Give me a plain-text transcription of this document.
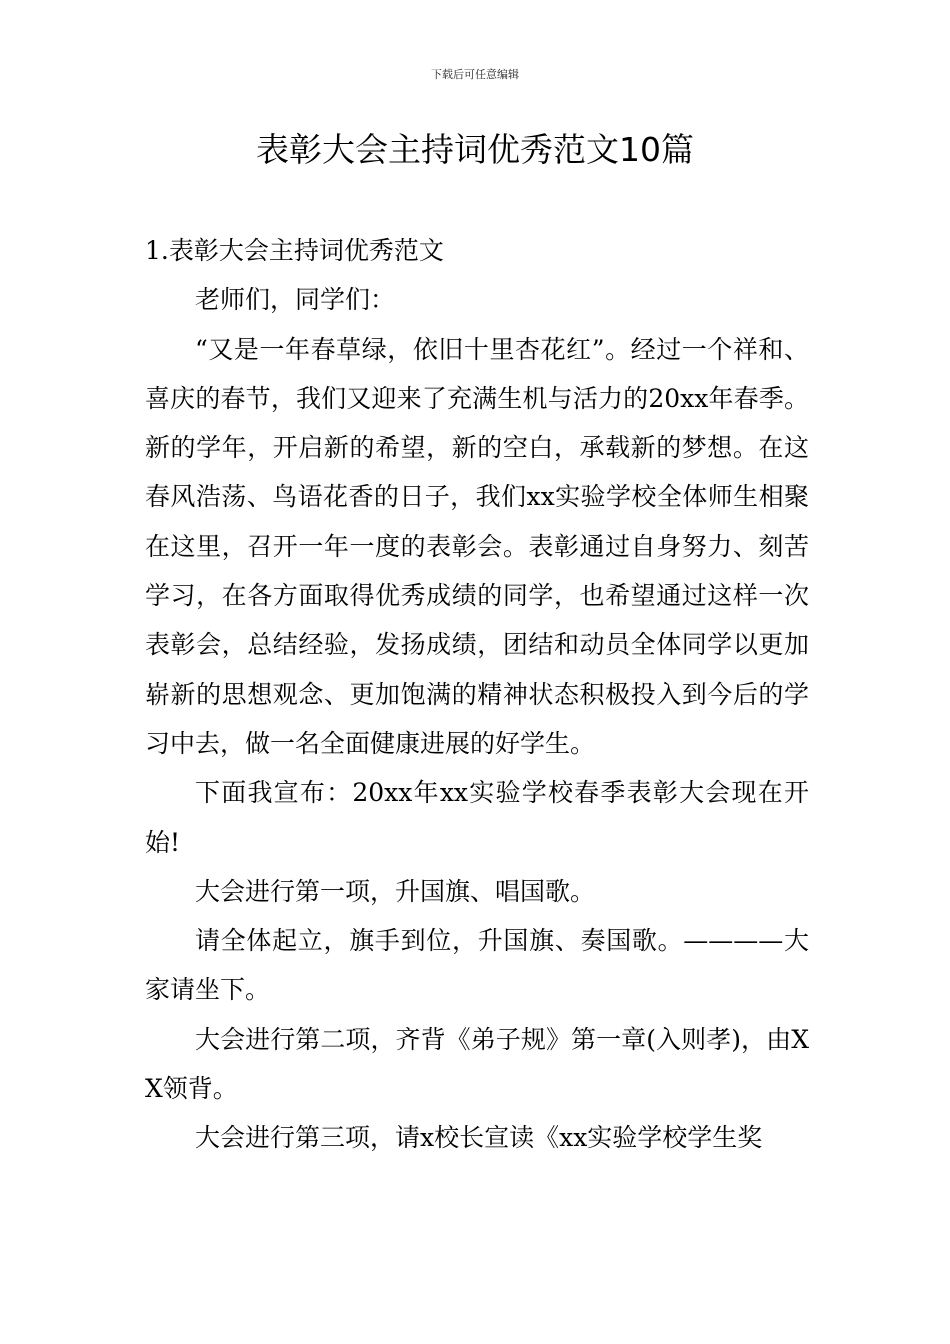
下载后可任意编辑
表彰大会主持词优秀范文10篇

1.表彰大会主持词优秀范文

老师们，同学们：

“又是一年春草绿，依旧十里杏花红”。经过一个祥和、喜庆的春节，我们又迎来了充满生机与活力的20xx年春季。新的学年，开启新的希望，新的空白，承载新的梦想。在这春风浩荡、鸟语花香的日子，我们xx实验学校全体师生相聚在这里，召开一年一度的表彰会。表彰通过自身努力、刻苦学习，在各方面取得优秀成绩的同学，也希望通过这样一次表彰会，总结经验，发扬成绩，团结和动员全体同学以更加崭新的思想观念、更加饱满的精神状态积极投入到今后的学习中去，做一名全面健康进展的好学生。

下面我宣布：20xx年xx实验学校春季表彰大会现在开始!

大会进行第一项，升国旗、唱国歌。

请全体起立，旗手到位，升国旗、奏国歌。————大家请坐下。

大会进行第二项，齐背《弟子规》第一章(入则孝)，由XX领背。

大会进行第三项，请x校长宣读《xx实验学校学生奖
